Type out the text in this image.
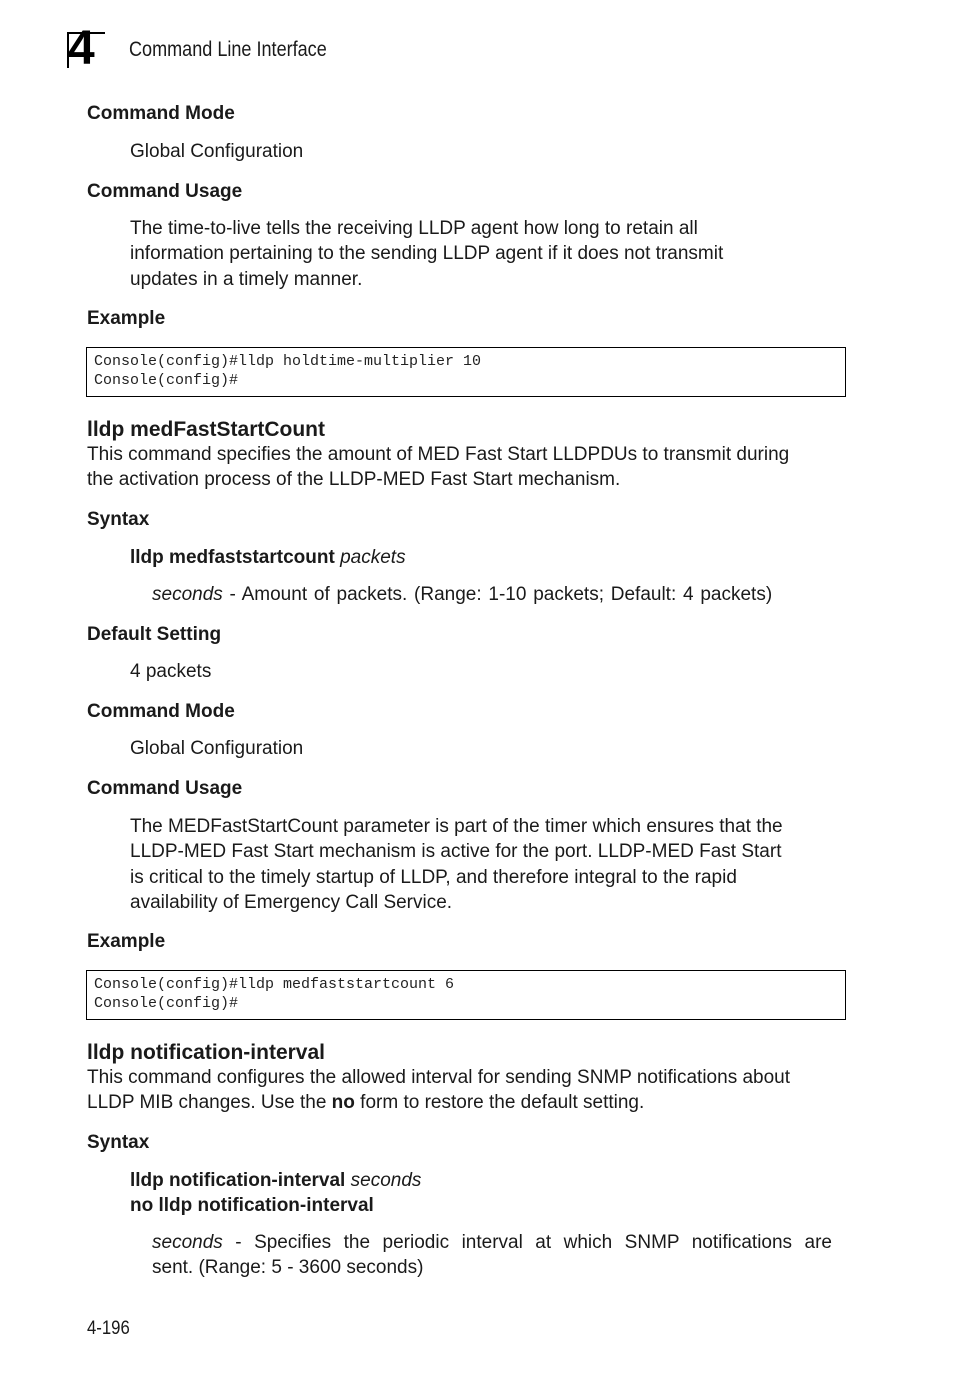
4 Command Line Interface
Command Mode
Global Configuration
Command Usage
The time-to-live tells the receiving LLDP agent how long to retain all
information pertaining to the sending LLDP agent if it does not transmit
updates in a timely manner.
Example
Console(config)#lldp holdtime-multiplier 10
Console(config)#
lldp medFastStartCount
This command specifies the amount of MED Fast Start LLDPDUs to transmit during
the activation process of the LLDP-MED Fast Start mechanism.
Syntax
lldp medfaststartcount packets
seconds - Amount of packets. (Range: 1-10 packets; Default: 4 packets)
Default Setting
4 packets
Command Mode
Global Configuration
Command Usage
The MEDFastStartCount parameter is part of the timer which ensures that the
LLDP-MED Fast Start mechanism is active for the port. LLDP-MED Fast Start
is critical to the timely startup of LLDP, and therefore integral to the rapid
availability of Emergency Call Service.
Example
Console(config)#lldp medfaststartcount 6
Console(config)#
lldp notification-interval
This command configures the allowed interval for sending SNMP notifications about
LLDP MIB changes. Use the no form to restore the default setting.
Syntax
lldp notification-interval seconds
no lldp notification-interval
seconds - Specifies the periodic interval at which SNMP notifications are
sent. (Range: 5 - 3600 seconds)
4-196
